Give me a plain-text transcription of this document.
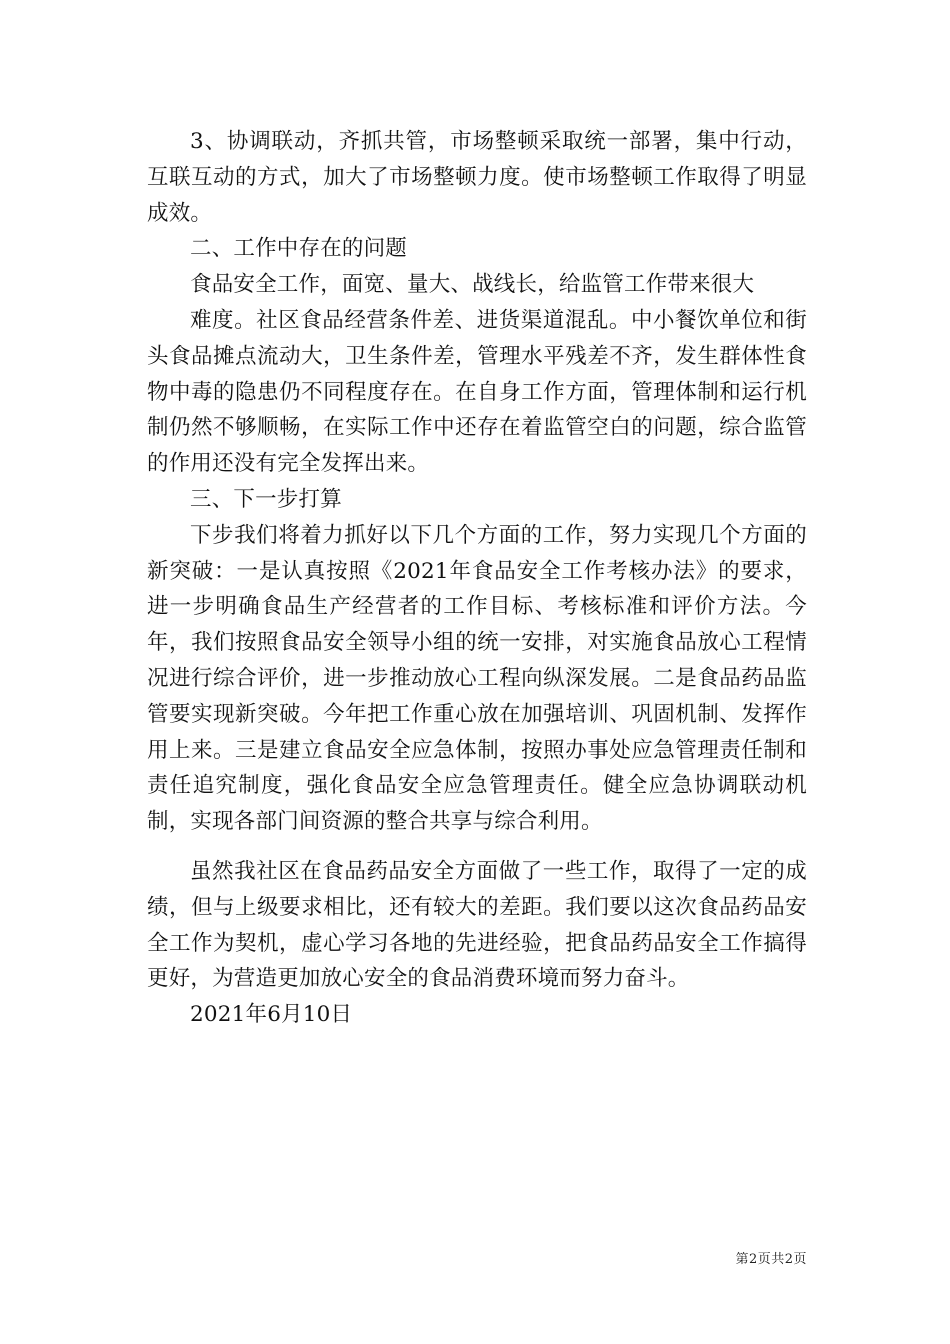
3、协调联动，齐抓共管，市场整顿采取统一部署，集中行动，互联互动的方式，加大了市场整顿力度。使市场整顿工作取得了明显成效。

二、工作中存在的问题

食品安全工作，面宽、量大、战线长，给监管工作带来很大

难度。社区食品经营条件差、进货渠道混乱。中小餐饮单位和街头食品摊点流动大，卫生条件差，管理水平残差不齐，发生群体性食物中毒的隐患仍不同程度存在。在自身工作方面，管理体制和运行机制仍然不够顺畅，在实际工作中还存在着监管空白的问题，综合监管的作用还没有完全发挥出来。

三、下一步打算

下步我们将着力抓好以下几个方面的工作，努力实现几个方面的新突破：一是认真按照《2021年食品安全工作考核办法》的要求，进一步明确食品生产经营者的工作目标、考核标准和评价方法。今年，我们按照食品安全领导小组的统一安排，对实施食品放心工程情况进行综合评价，进一步推动放心工程向纵深发展。二是食品药品监管要实现新突破。今年把工作重心放在加强培训、巩固机制、发挥作用上来。三是建立食品安全应急体制，按照办事处应急管理责任制和责任追究制度，强化食品安全应急管理责任。健全应急协调联动机制，实现各部门间资源的整合共享与综合利用。

虽然我社区在食品药品安全方面做了一些工作，取得了一定的成绩，但与上级要求相比，还有较大的差距。我们要以这次食品药品安全工作为契机，虚心学习各地的先进经验，把食品药品安全工作搞得更好，为营造更加放心安全的食品消费环境而努力奋斗。

2021年6月10日

第2页共2页
